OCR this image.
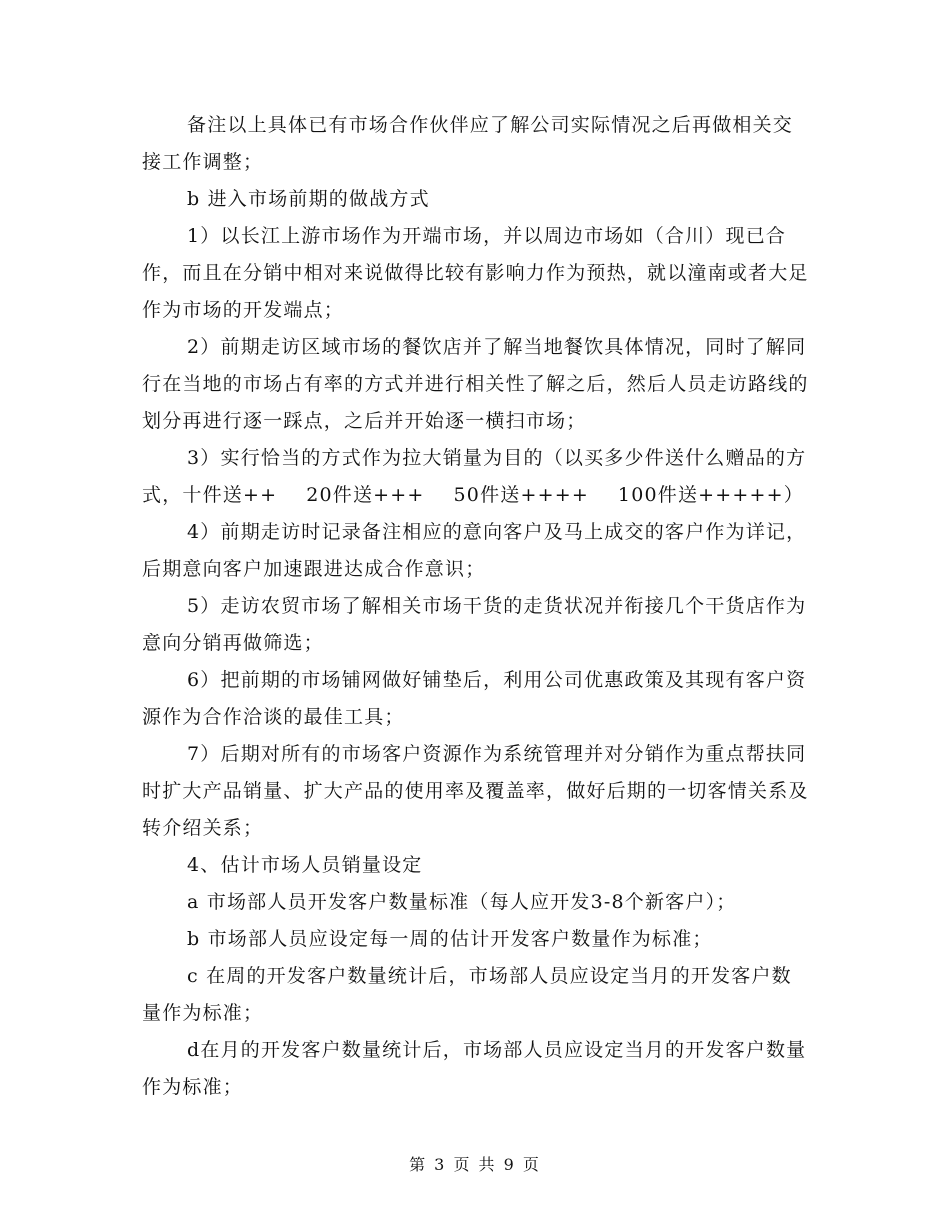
备注以上具体已有市场合作伙伴应了解公司实际情况之后再做相关交接工作调整；

b 进入市场前期的做战方式

1）以长江上游市场作为开端市场，并以周边市场如（合川）现已合作，而且在分销中相对来说做得比较有影响力作为预热，就以潼南或者大足作为市场的开发端点；

2）前期走访区域市场的餐饮店并了解当地餐饮具体情况，同时了解同行在当地的市场占有率的方式并进行相关性了解之后，然后人员走访路线的划分再进行逐一踩点，之后并开始逐一横扫市场；

3）实行恰当的方式作为拉大销量为目的（以买多少件送什么赠品的方式，十件送++    20件送+++    50件送++++    100件送+++++）

4）前期走访时记录备注相应的意向客户及马上成交的客户作为详记，后期意向客户加速跟进达成合作意识；

5）走访农贸市场了解相关市场干货的走货状况并衔接几个干货店作为意向分销再做筛选；

6）把前期的市场铺网做好铺垫后，利用公司优惠政策及其现有客户资源作为合作洽谈的最佳工具；

7）后期对所有的市场客户资源作为系统管理并对分销作为重点帮扶同时扩大产品销量、扩大产品的使用率及覆盖率，做好后期的一切客情关系及转介绍关系；

4、估计市场人员销量设定

a 市场部人员开发客户数量标准（每人应开发3-8个新客户）；

b 市场部人员应设定每一周的估计开发客户数量作为标准；

c 在周的开发客户数量统计后，市场部人员应设定当月的开发客户数量作为标准；

d在月的开发客户数量统计后，市场部人员应设定当月的开发客户数量作为标准；

第 3 页 共 9 页
